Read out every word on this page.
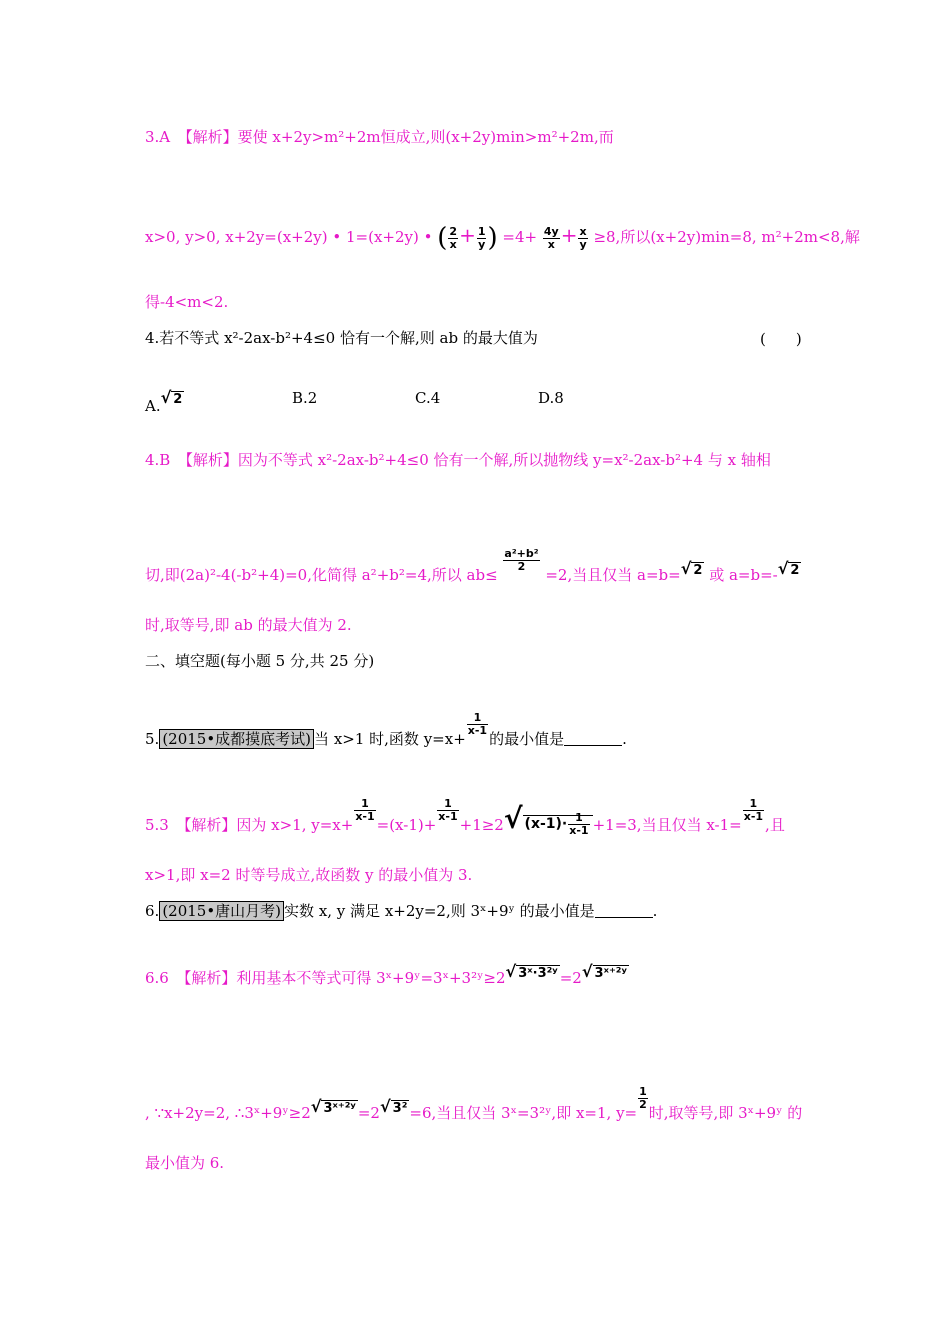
3.A　【解析】要使 x+2y>m²+2m恒成立,则(x+2y)min>m²+2m,而
x>0, y>0, x+2y=(x+2y) • 1=(x+2y) • ( $\frac{2}{x} + \frac{1}{y}$ ) $=4+ \frac{4y}{x} + \frac{x}{y} \ge 8$,所以(x+2y)min=8, m²+2m<8,解
得-4<m<2.
4.若不等式 x²-2ax-b²+4≤0 恰有一个解,则 ab 的最大值为	(　　)
A.√ 2	B.2	C.4	D.8
4.B　【解析】因为不等式 x²-2ax-b²+4≤0 恰有一个解,所以抛物线 y=x²-2ax-b²+4 与 x 轴相
切,即(2a)²-4(-b²+4)=0,化简得 a²+b²=4,所以 ab≤
$\frac{\text{a²+b²}}{2}$
=2,当且仅当 a=b=√ 2 或 a=b=-√ 2
时,取等号,即 ab 的最大值为 2.
二、填空题(每小题 5 分,共 25 分)
5. (2015•成都摸底考试) 当 x>1 时,函数 y=x+
$\frac{1}{x-1}$
的最小值是	.
5.3　【解析】因为 x>1, y=x+
$\frac{1}{x-1}$
=(x-1)+
$\frac{1}{x-1}$
+1≥2√ $(x-1)\cdot \frac{1}{x-1} +1=3$,当且仅当 x-1=
$\frac{1}{x-1}$
,且
x>1,即 x=2 时等号成立,故函数 y 的最小值为 3.
6. (2015•唐山月考) 实数 x, y 满足 x+2y=2,则 3ˣ+9ʸ 的最小值是	.
6.6　【解析】利用基本不等式可得 3ˣ+9ʸ=3ˣ+3²ʸ≥2√ 3ˣ·3²ʸ =2√ 3ˣ⁺²ʸ
, ∵x+2y=2, ∴3ˣ+9ʸ≥2√ 3ˣ⁺²ʸ =2√ 3² =6,当且仅当 3ˣ=3²ʸ,即 x=1, y=
$\frac{1}{2}$
时,取等号,即 3ˣ+9ʸ 的
最小值为 6.
